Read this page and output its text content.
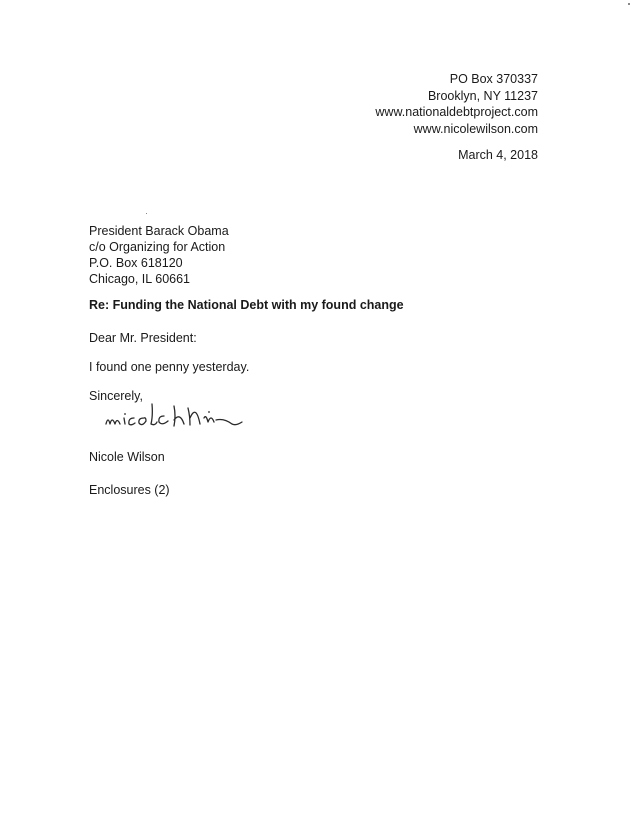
PO Box 370337
Brooklyn, NY 11237
www.nationaldebtproject.com
www.nicolewilson.com
March 4, 2018
President Barack Obama
c/o Organizing for Action
P.O. Box 618120
Chicago, IL 60661
Re: Funding the National Debt with my found change
Dear Mr. President:
I found one penny yesterday.
Sincerely,
Nicole Wilson
Enclosures (2)
